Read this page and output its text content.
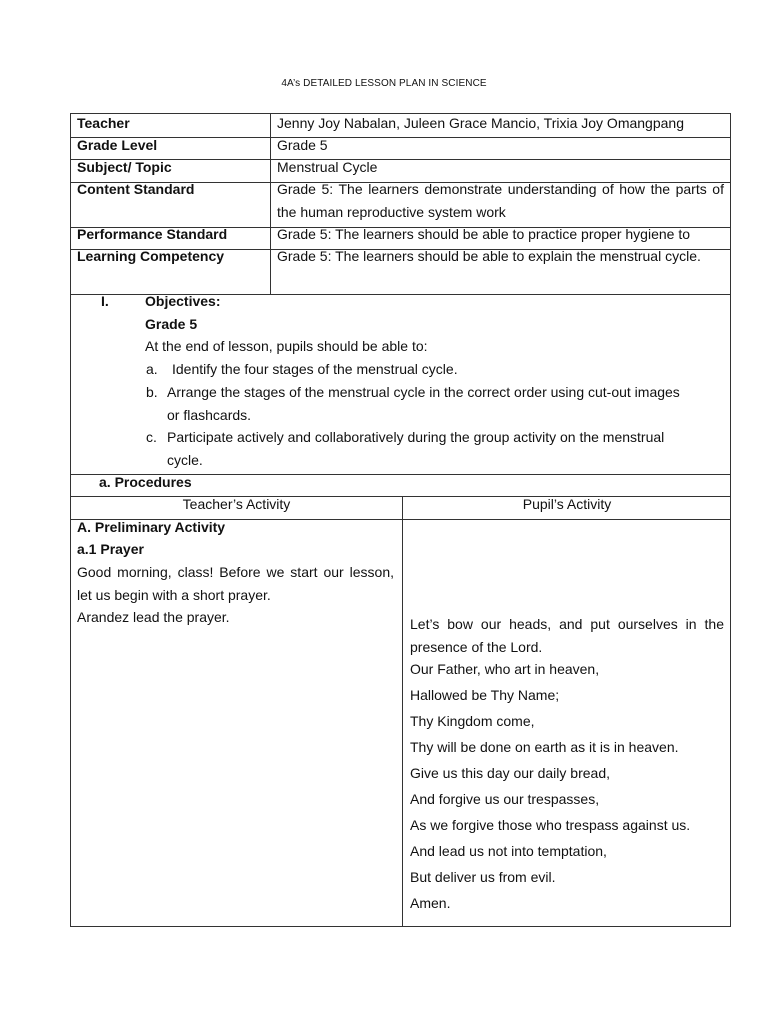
4A’s DETAILED LESSON PLAN IN SCIENCE
Teacher	Jenny Joy Nabalan, Juleen Grace Mancio, Trixia Joy Omangpang
Grade Level	Grade 5
Subject/ Topic	Menstrual Cycle
Content Standard	Grade 5: The learners demonstrate understanding of how the parts of the human reproductive system work
Performance Standard	Grade 5: The learners should be able to practice proper hygiene to
Learning Competency	Grade 5: The learners should be able to explain the menstrual cycle.
I.	Objectives:
Grade 5
At the end of lesson, pupils should be able to:
a. Identify the four stages of the menstrual cycle.
b. Arrange the stages of the menstrual cycle in the correct order using cut-out images
or flashcards.
c. Participate actively and collaboratively during the group activity on the menstrual
cycle.
a. Procedures
Teacher’s Activity	Pupil’s Activity
A. Preliminary Activity
a.1 Prayer
Good morning, class! Before we start our lesson, let us begin with a short prayer.
Arandez lead the prayer.	Let’s bow our heads, and put ourselves in the presence of the Lord.
Our Father, who art in heaven,
Hallowed be Thy Name;
Thy Kingdom come,
Thy will be done on earth as it is in heaven.
Give us this day our daily bread,
And forgive us our trespasses,
As we forgive those who trespass against us.
And lead us not into temptation,
But deliver us from evil.
Amen.
